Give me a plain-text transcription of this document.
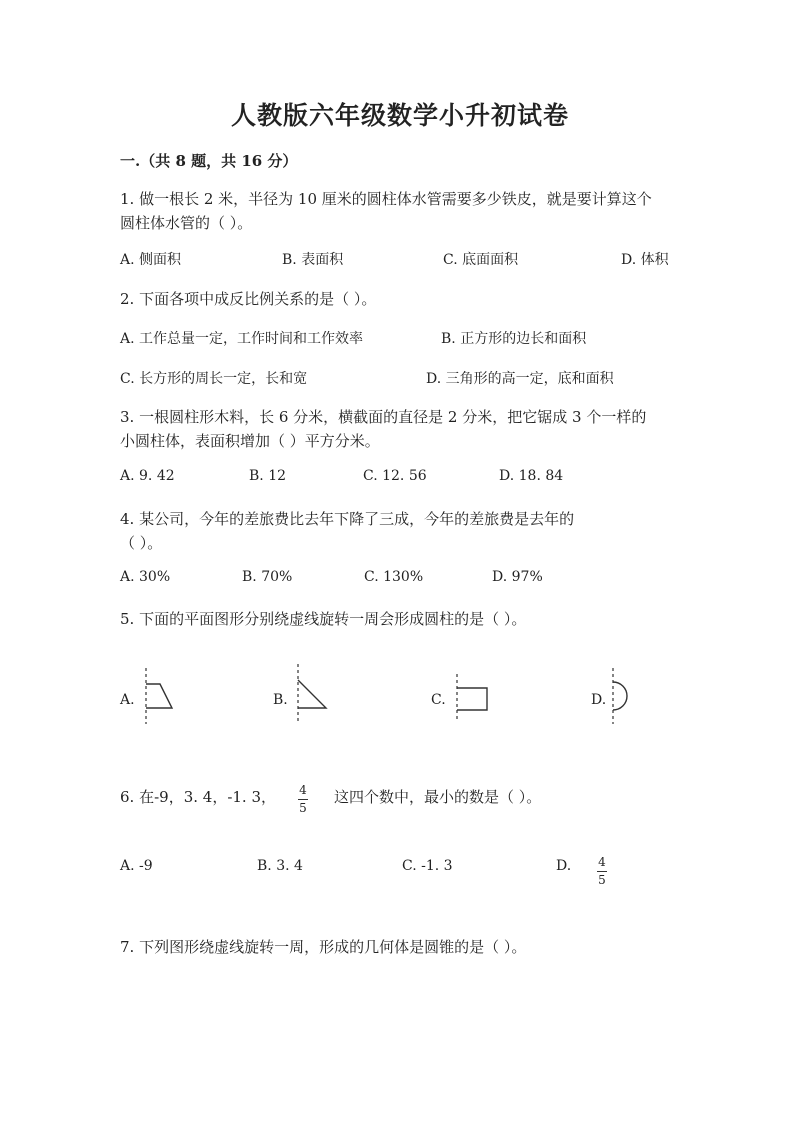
人教版六年级数学小升初试卷
一.（共 8 题，共 16 分）
1. 做一根长 2 米，半径为 10 厘米的圆柱体水管需要多少铁皮，就是要计算这个
圆柱体水管的（ ）。
A. 侧面积	B. 表面积	C. 底面面积	D. 体积
2. 下面各项中成反比例关系的是（ ）。
A. 工作总量一定，工作时间和工作效率	B. 正方形的边长和面积
C. 长方形的周长一定，长和宽	D. 三角形的高一定，底和面积
3. 一根圆柱形木料，长 6 分米，横截面的直径是 2 分米，把它锯成 3 个一样的
小圆柱体，表面积增加（ ）平方分米。
A. 9. 42	B. 12	C. 12. 56	D. 18. 84
4. 某公司，今年的差旅费比去年下降了三成，今年的差旅费是去年的
（ ）。
A. 30%	B. 70%	C. 130%	D. 97%
5. 下面的平面图形分别绕虚线旋转一周会形成圆柱的是（ ）。
A.	B.	C.	D.
6. 在-9，3. 4，-1. 3， $\frac{4}{5}$ 这四个数中，最小的数是（ ）。
A. -9	B. 3. 4	C. -1. 3	D. $\frac{4}{5}$
7. 下列图形绕虚线旋转一周，形成的几何体是圆锥的是（ ）。
